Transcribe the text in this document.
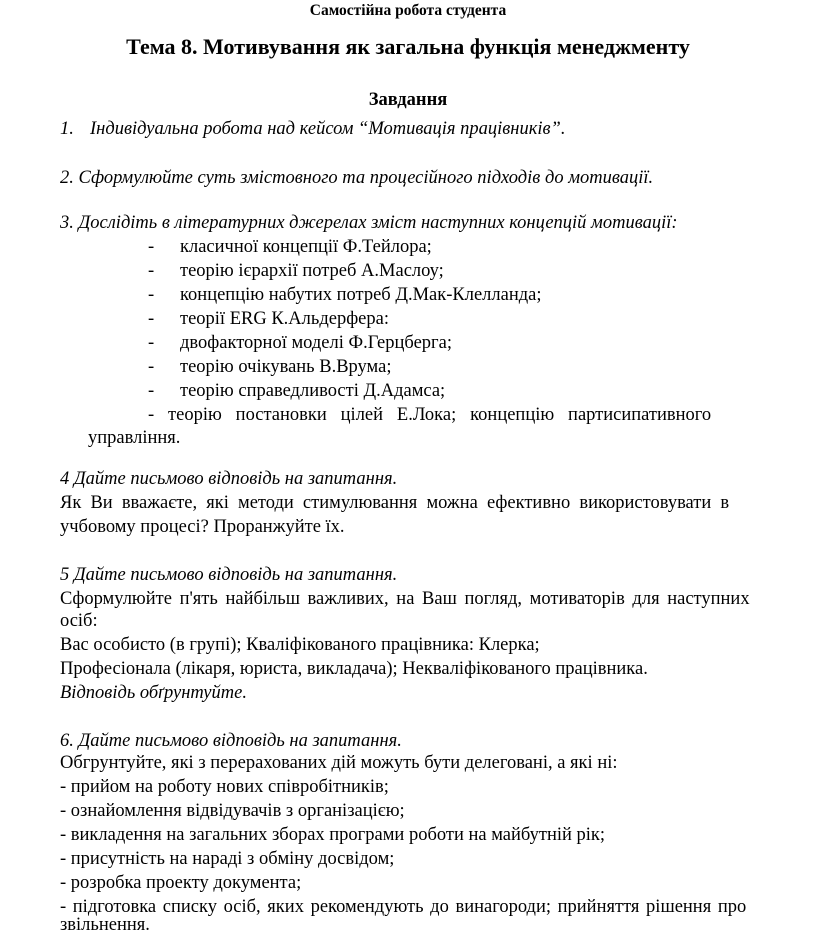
Самостійна робота студента
Тема 8. Мотивування як загальна функція менеджменту
Завдання
1. Індивідуальна робота над кейсом “Мотивація працівників”.
2. Сформулюйте суть змістовного та процесійного підходів до мотивації.
3. Дослідіть в літературних джерелах зміст наступних концепцій мотивації:
- класичної концепції Ф.Тейлора;
- теорію ієрархії потреб А.Маслоу;
- концепцію набутих потреб Д.Мак-Клелланда;
- теорії ERG К.Альдерфера:
- двофакторної моделі Ф.Герцберга;
- теорію очікувань В.Врума;
- теорію справедливості Д.Адамса;
-   теорію   постановки   цілей   Е.Лока;   концепцію   партисипативного
управління.
4 Дайте письмово відповідь на запитання.
Як Ви вважаєте, які методи стимулювання можна ефективно використовувати в
учбовому процесі? Проранжуйте їх.
5 Дайте письмово відповідь на запитання.
Сформулюйте п'ять найбільш важливих, на Ваш погляд, мотиваторів для наступних
осіб:
Вас особисто (в групі); Кваліфікованого працівника: Клерка;
Професіонала (лікаря, юриста, викладача); Некваліфікованого працівника.
Відповідь обґрунтуйте.
6. Дайте письмово відповідь на запитання.
Обгрунтуйте, які з перерахованих дій можуть бути делеговані, а які ні:
- прийом на роботу нових співробітників;
- ознайомлення відвідувачів з організацією;
- викладення на загальних зборах програми роботи на майбутній рік;
- присутність на нараді з обміну досвідом;
- розробка проекту документа;
- підготовка списку осіб, яких рекомендують до винагороди; прийняття рішення про
звільнення.
